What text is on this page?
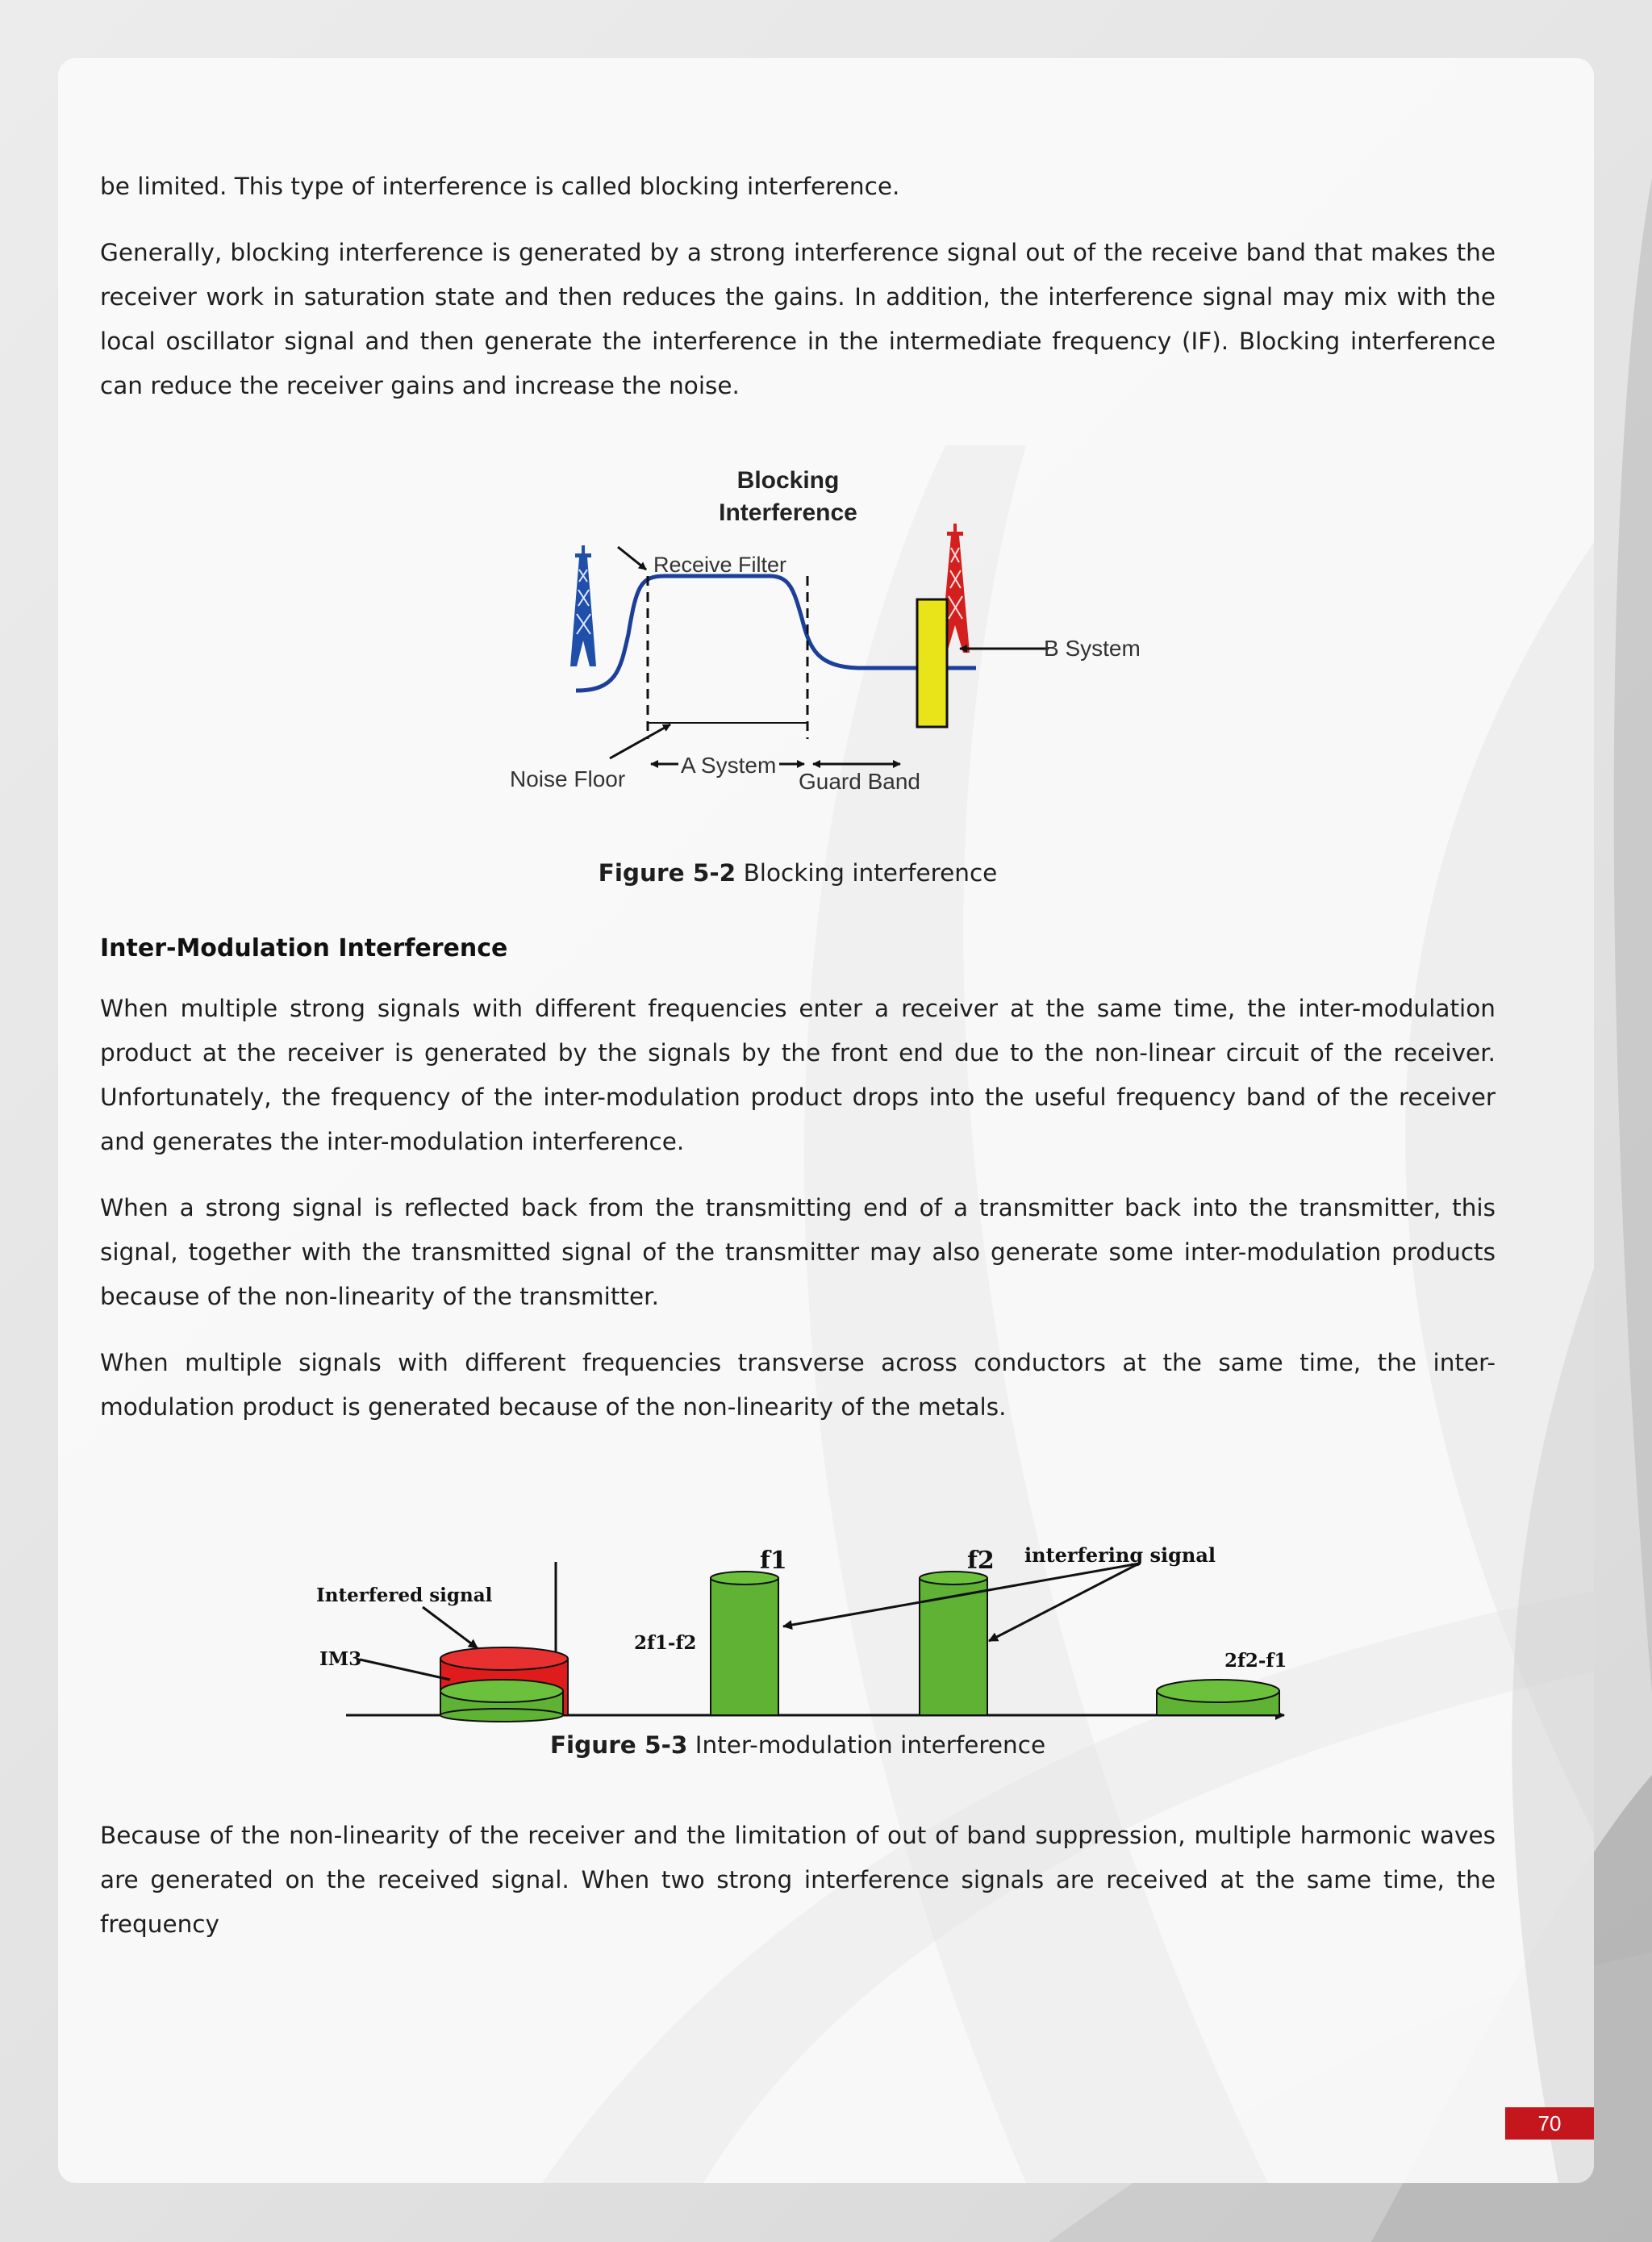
be limited. This type of interference is called blocking interference.

Generally, blocking interference is generated by a strong interference signal out of the receive band that makes the receiver work in saturation state and then reduces the gains. In addition, the interference signal may mix with the local oscillator signal and then generate the interference in the intermediate frequency (IF). Blocking interference can reduce the receiver gains and increase the noise.

Blocking
Interference
Receive Filter
B System
Noise Floor
A System
Guard Band

Figure 5-2 Blocking interference

Inter-Modulation Interference

When multiple strong signals with different frequencies enter a receiver at the same time, the inter-modulation product at the receiver is generated by the signals by the front end due to the non-linear circuit of the receiver. Unfortunately, the frequency of the inter-modulation product drops into the useful frequency band of the receiver and generates the inter-modulation interference.

When a strong signal is reflected back from the transmitting end of a transmitter back into the transmitter, this signal, together with the transmitted signal of the transmitter may also generate some inter-modulation products because of the non-linearity of the transmitter.

When multiple signals with different frequencies transverse across conductors at the same time, the inter-modulation product is generated because of the non-linearity of the metals.

f1	f2 interfering signal
Interfered signal
IM3
2f1-f2
2f2-f1

Figure 5-3 Inter-modulation interference

Because of the non-linearity of the receiver and the limitation of out of band suppression, multiple harmonic waves are generated on the received signal. When two strong interference signals are received at the same time, the frequency

70
